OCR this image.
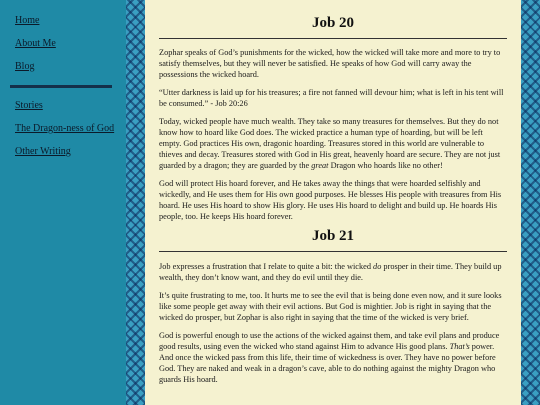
Home
About Me
Blog
Stories
The Dragon-ness of God
Other Writing
Job 20

Zophar speaks of God’s punishments for the wicked, how the wicked will take more and more to try to satisfy themselves, but they will never be satisfied. He speaks of how God will carry away the possessions the wicked hoard.

“Utter darkness is laid up for his treasures; a fire not fanned will devour him; what is left in his tent will be consumed.” - Job 20:26

Today, wicked people have much wealth. They take so many treasures for themselves. But they do not know how to hoard like God does. The wicked practice a human type of hoarding, but will be left empty. God practices His own, dragonic hoarding. Treasures stored in this world are vulnerable to thieves and decay. Treasures stored with God in His great, heavenly hoard are secure. They are not just guarded by a dragon; they are guarded by the great Dragon who hoards like no other!

God will protect His hoard forever, and He takes away the things that were hoarded selfishly and wickedly, and He uses them for His own good purposes. He blesses His people with treasures from His hoard. He uses His hoard to show His glory. He uses His hoard to delight and build up. He hoards His people, too. He keeps His hoard forever.

Job 21

Job expresses a frustration that I relate to quite a bit: the wicked do prosper in their time. They build up wealth, they don’t know want, and they do evil until they die.

It’s quite frustrating to me, too. It hurts me to see the evil that is being done even now, and it sure looks like some people get away with their evil actions. But God is mightier. Job is right in saying that the wicked do prosper, but Zophar is also right in saying that the time of the wicked is very brief.

God is powerful enough to use the actions of the wicked against them, and take evil plans and produce good results, using even the wicked who stand against Him to advance His good plans. That’s power. And once the wicked pass from this life, their time of wickedness is over. They have no power before God. They are naked and weak in a dragon’s cave, able to do nothing against the mighty Dragon who guards His hoard.
